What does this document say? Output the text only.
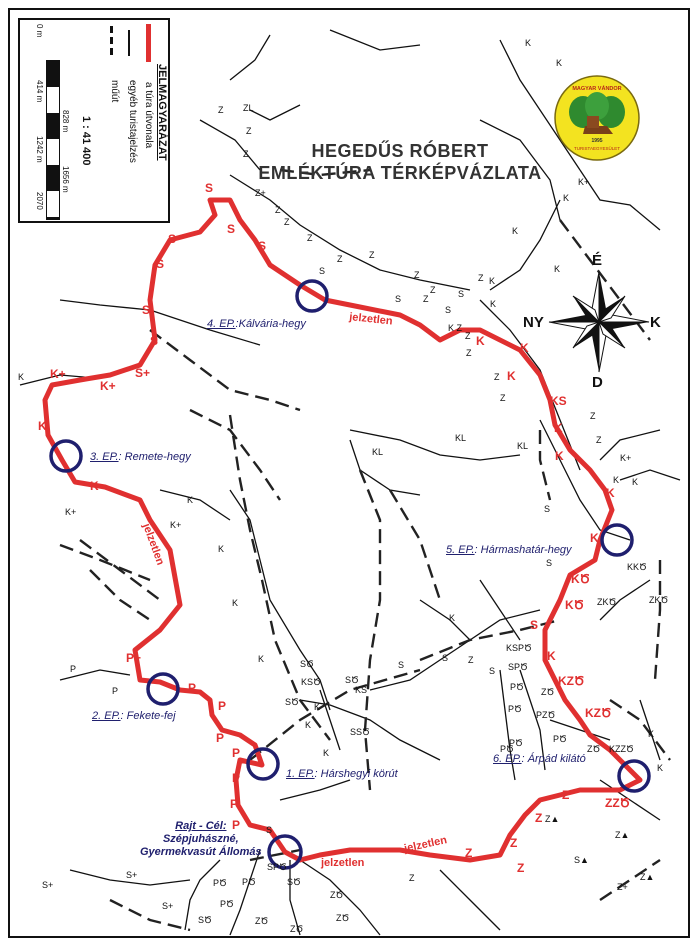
S
S
S
S
S
S
S
S+
K+
K+
K
K
P+
P
P
P
P
P
P
P
K	K
K
KS
K
K
K
K
KԾ
KԾ
S
K
KZԾ
KZԾ
ZZԾ
Z
Z
Z
Z
Z
ZL
Z
Z
Z
Z+
Z
Z
Z
Z	Z
Z	Z
S
S Z
Z	S
S
K
K
K Z
Z
Z
Z
Z
K
K
K+
K
K
K
Z
Z
K+
K K
KL
KL
KL
S
S	KKԾ
ZKԾ	ZKԾ
KSPԾ
SPԾ
K
S Z
S
S
SԾ
SԾ
KSԾ
SԾ K
KS
SSԾ
K
K
K
K
K
K
K+
K+
K
P
P	PԾ
PԾ
ZԾ
PZԾ
PԾ
ZԾ KZZԾ
PԾ
PԾ
Z▲
Z▲
S▲
Z▲
Z+
S
SPԾ
PԾ PԾ	SԾ
PԾ
SԾ	ZԾ
ZԾ
ZԾ
ZԾ
Z
S+
S+
S+
K
K
jelzetlen
jelzetlen
jelzetlen
jelzetlen
MAGYAR VÁNDOR
1995
TURISTAEGYESÜLET
JELMAGYARÁZAT
a túra útvonala
egyéb turistajelzés
műút
1 : 41 400
0 m
414 m
1242 m
2070
828 m
1656 m
HEGEDŰS RÓBERT
EMLÉKTÚRA TÉRKÉPVÁZLATA
É
D
K
NY
1. EP.: Hárshegyi körút
2. EP.: Fekete-fej
3. EP.: Remete-hegy
4. EP.:Kálvária-hegy
5. EP.: Hármashatár-hegy
6. EP.: Árpád kilátó
Rajt - Cél:
Szépjuhászné,
Gyermekvasút Állomás
